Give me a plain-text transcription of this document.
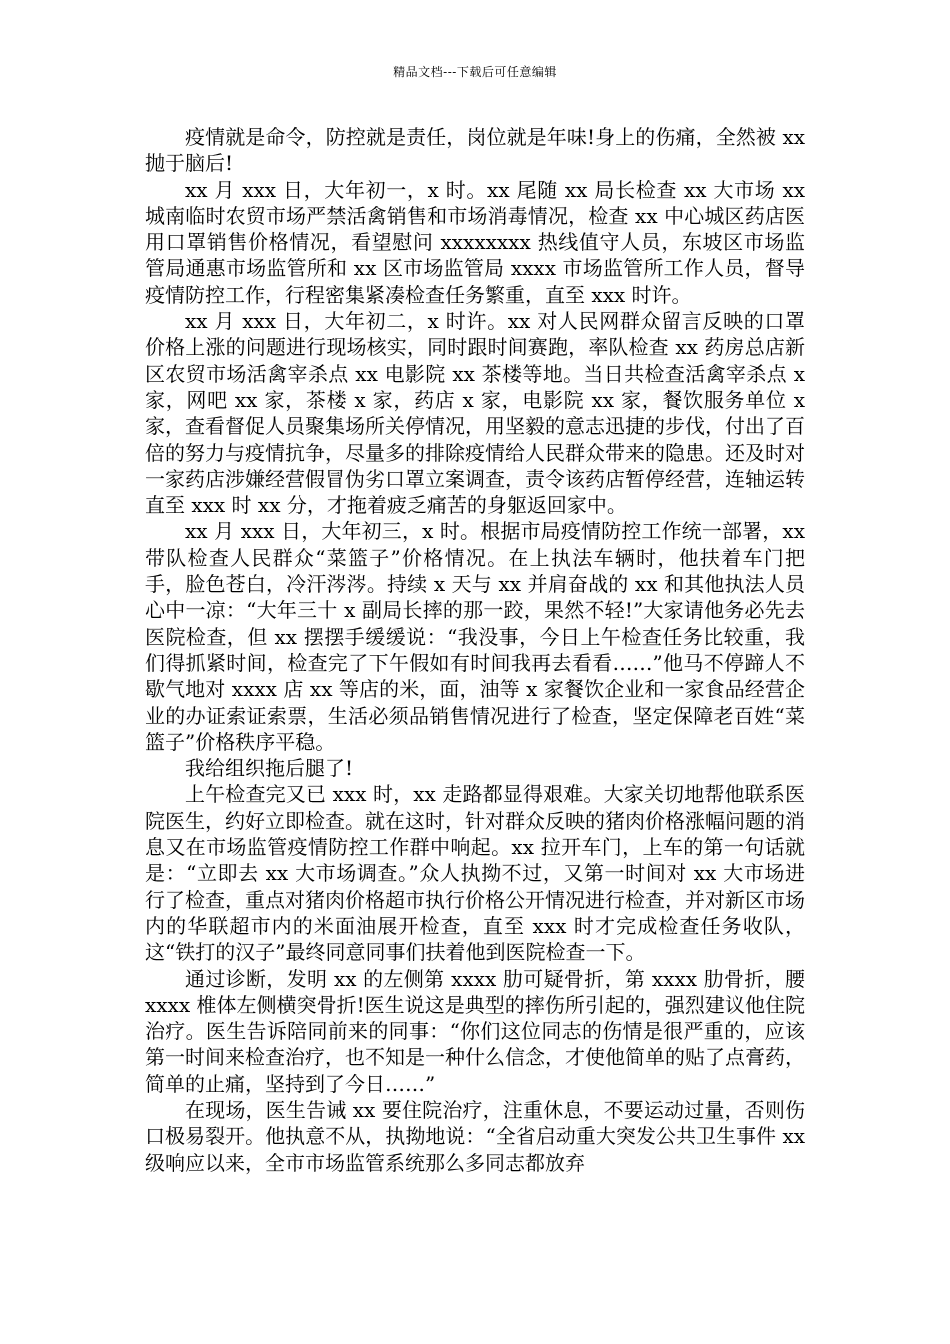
精品文档---下载后可任意编辑

疫情就是命令，防控就是责任，岗位就是年味!身上的伤痛，全然被 xx 抛于脑后!

xx 月 xxx 日，大年初一，x 时。xx 尾随 xx 局长检查 xx 大市场 xx 城南临时农贸市场严禁活禽销售和市场消毒情况，检查 xx 中心城区药店医用口罩销售价格情况，看望慰问 xxxxxxxx 热线值守人员，东坡区市场监管局通惠市场监管所和 xx 区市场监管局 xxxx 市场监管所工作人员，督导疫情防控工作，行程密集紧凑检查任务繁重，直至 xxx 时许。

xx 月 xxx 日，大年初二，x 时许。xx 对人民网群众留言反映的口罩价格上涨的问题进行现场核实，同时跟时间赛跑，率队检查 xx 药房总店新区农贸市场活禽宰杀点 xx 电影院 xx 茶楼等地。当日共检查活禽宰杀点 x 家，网吧 xx 家，茶楼 x 家，药店 x 家，电影院 xx 家，餐饮服务单位 x 家，查看督促人员聚集场所关停情况，用坚毅的意志迅捷的步伐，付出了百倍的努力与疫情抗争，尽量多的排除疫情给人民群众带来的隐患。还及时对一家药店涉嫌经营假冒伪劣口罩立案调查，责令该药店暂停经营，连轴运转直至 xxx 时 xx 分，才拖着疲乏痛苦的身躯返回家中。

xx 月 xxx 日，大年初三，x 时。根据市局疫情防控工作统一部署，xx 带队检查人民群众“菜篮子”价格情况。在上执法车辆时，他扶着车门把手，脸色苍白，冷汗涔涔。持续 x 天与 xx 并肩奋战的 xx 和其他执法人员心中一凉：“大年三十 x 副局长摔的那一跤，果然不轻!”大家请他务必先去医院检查，但 xx 摆摆手缓缓说：“我没事，今日上午检查任务比较重，我们得抓紧时间，检查完了下午假如有时间我再去看看……”他马不停蹄人不歇气地对 xxxx 店 xx 等店的米，面，油等 x 家餐饮企业和一家食品经营企业的办证索证索票，生活必须品销售情况进行了检查，坚定保障老百姓“菜篮子”价格秩序平稳。

我给组织拖后腿了!

上午检查完又已 xxx 时，xx 走路都显得艰难。大家关切地帮他联系医院医生，约好立即检查。就在这时，针对群众反映的猪肉价格涨幅问题的消息又在市场监管疫情防控工作群中响起。xx 拉开车门，上车的第一句话就是：“立即去 xx 大市场调查。”众人执拗不过，又第一时间对 xx 大市场进行了检查，重点对猪肉价格超市执行价格公开情况进行检查，并对新区市场内的华联超市内的米面油展开检查，直至 xxx 时才完成检查任务收队，这“铁打的汉子”最终同意同事们扶着他到医院检查一下。

通过诊断，发明 xx 的左侧第 xxxx 肋可疑骨折，第 xxxx 肋骨折，腰 xxxx 椎体左侧横突骨折!医生说这是典型的摔伤所引起的，强烈建议他住院治疗。医生告诉陪同前来的同事：“你们这位同志的伤情是很严重的，应该第一时间来检查治疗，也不知是一种什么信念，才使他简单的贴了点膏药，简单的止痛，坚持到了今日……”

在现场，医生告诫 xx 要住院治疗，注重休息，不要运动过量，否则伤口极易裂开。他执意不从，执拗地说：“全省启动重大突发公共卫生事件 xx 级响应以来，全市市场监管系统那么多同志都放弃
